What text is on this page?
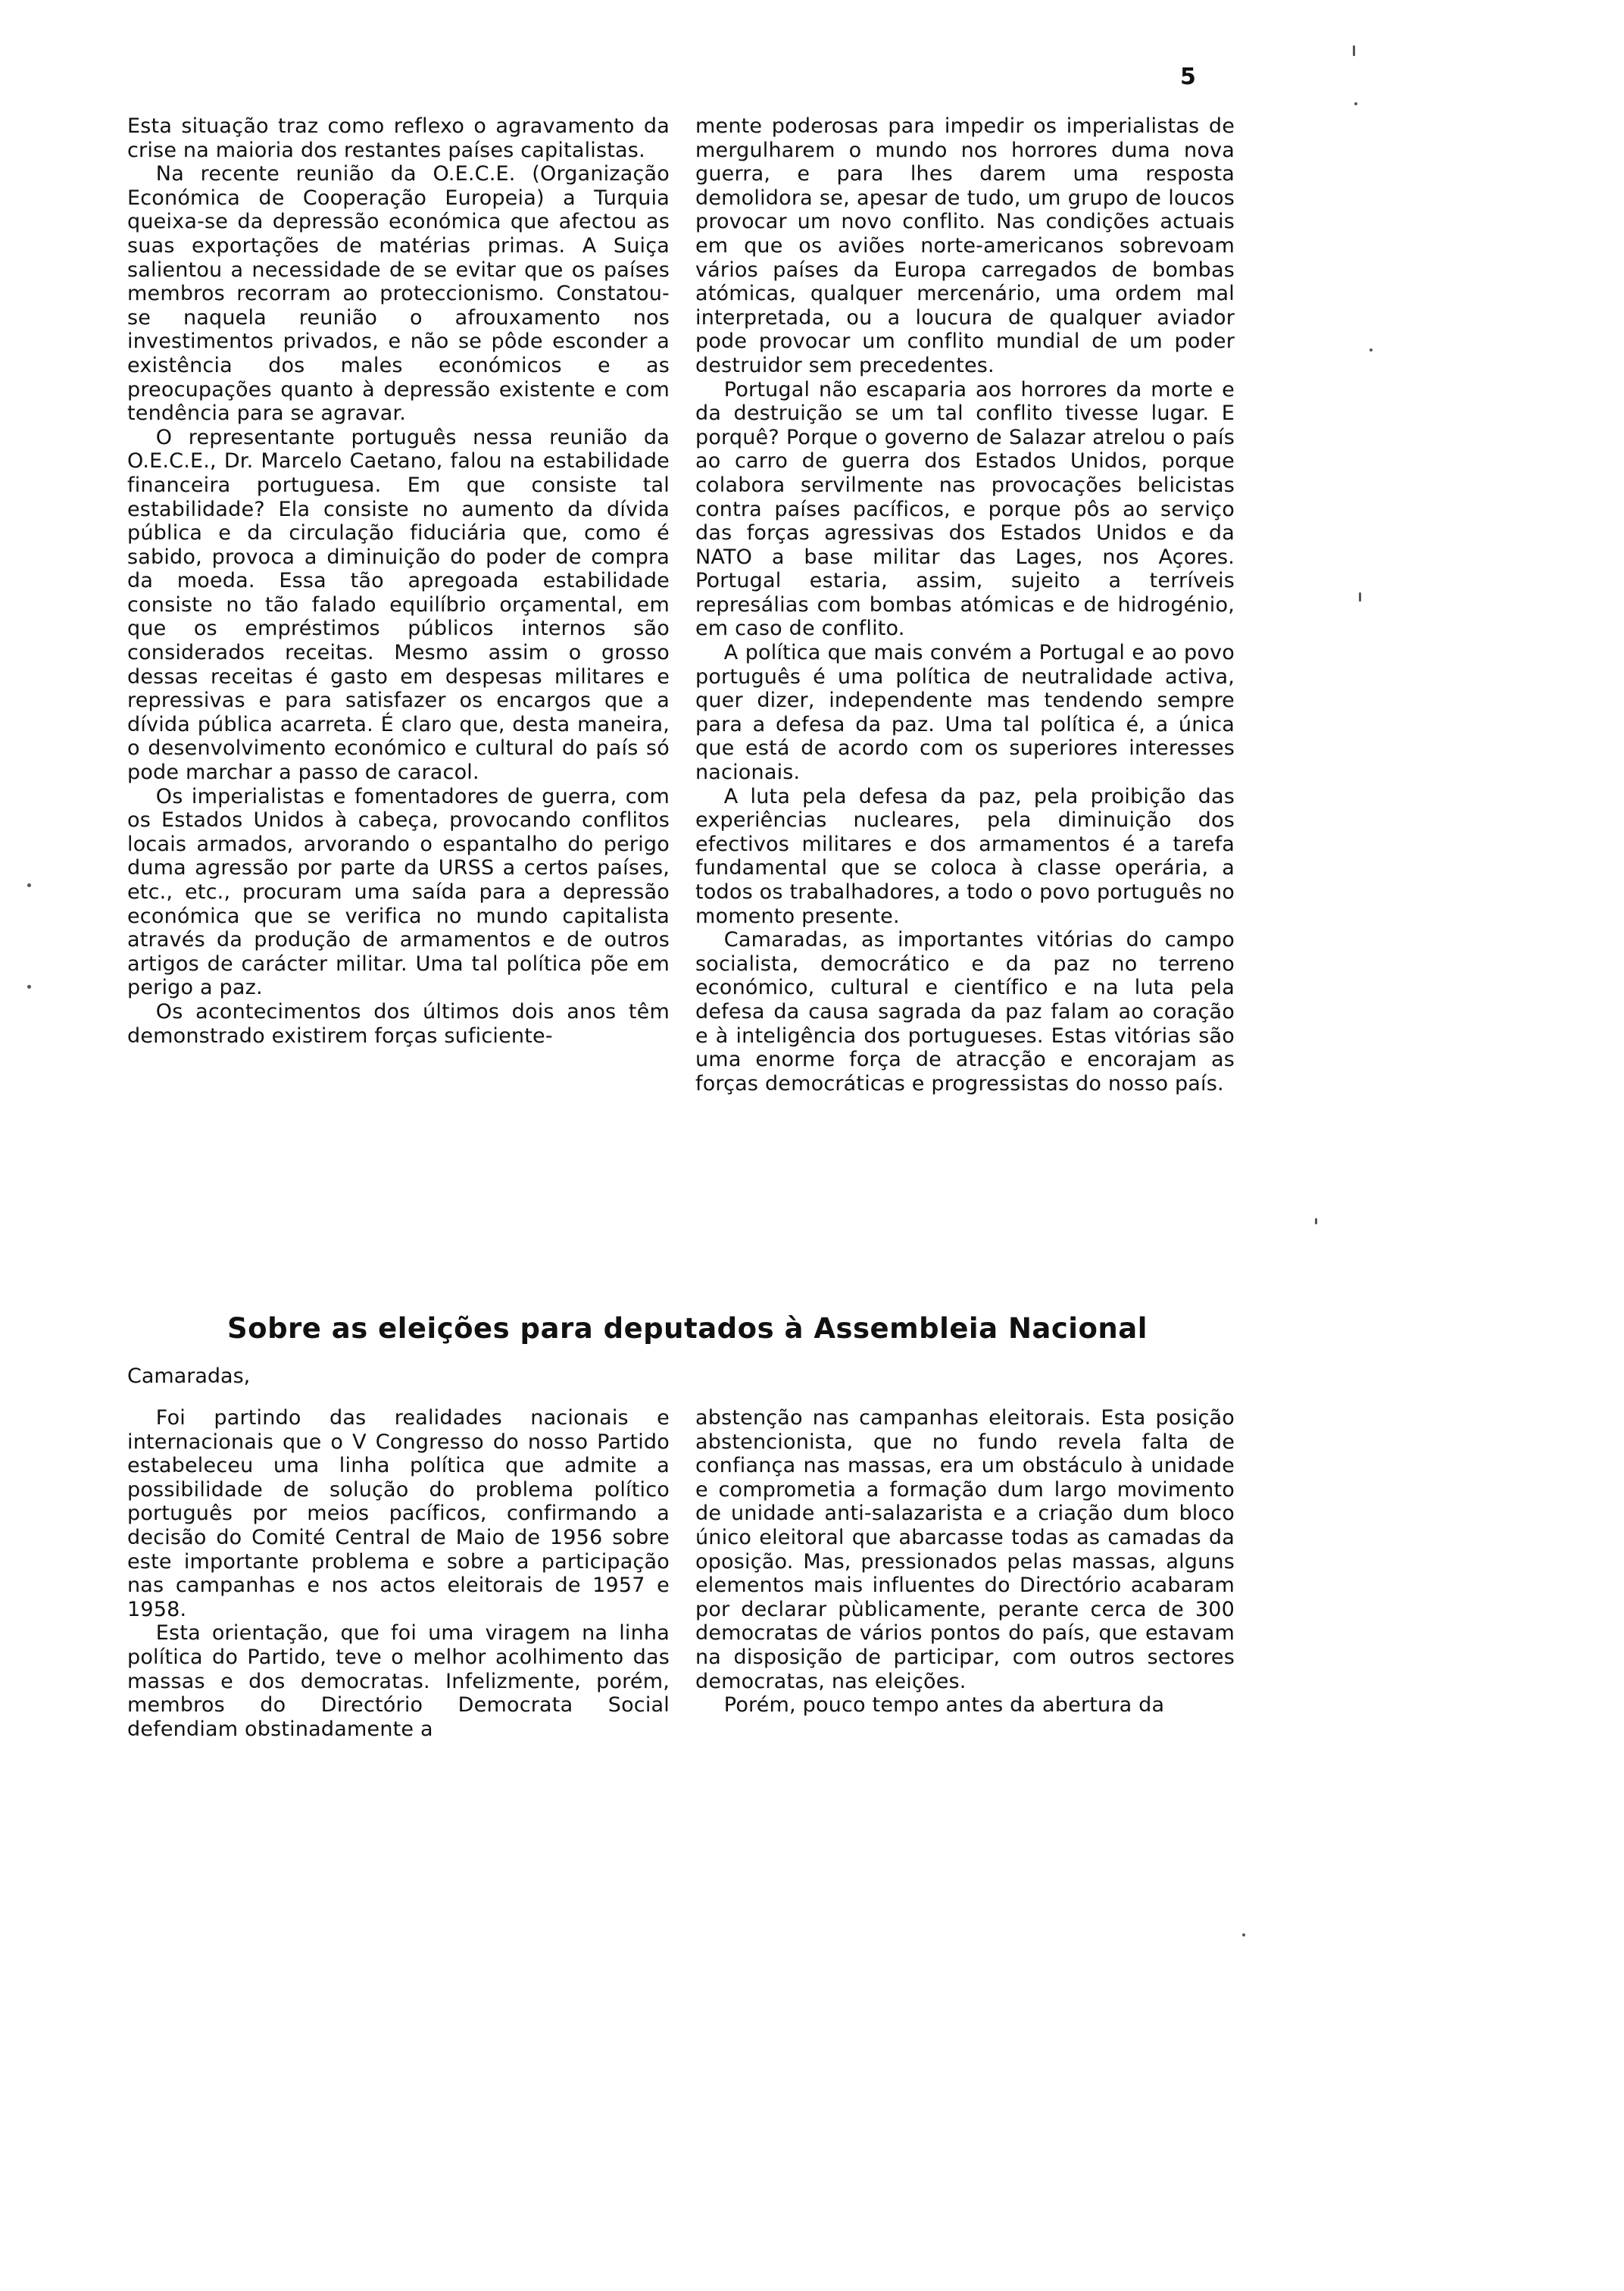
5

Esta situação traz como reflexo o agravamento da crise na maioria dos restantes países capitalistas.

Na recente reunião da O.E.C.E. (Organização Económica de Cooperação Europeia) a Turquia queixa-se da depressão económica que afectou as suas exportações de matérias primas. A Suiça salientou a necessidade de se evitar que os países membros recorram ao proteccionismo. Constatou-se naquela reunião o afrouxamento nos investimentos privados, e não se pôde esconder a existência dos males económicos e as preocupações quanto à depressão existente e com tendência para se agravar.

O representante português nessa reunião da O.E.C.E., Dr. Marcelo Caetano, falou na estabilidade financeira portuguesa. Em que consiste tal estabilidade? Ela consiste no aumento da dívida pública e da circulação fiduciária que, como é sabido, provoca a diminuição do poder de compra da moeda. Essa tão apregoada estabilidade consiste no tão falado equilíbrio orçamental, em que os empréstimos públicos internos são considerados receitas. Mesmo assim o grosso dessas receitas é gasto em despesas militares e repressivas e para satisfazer os encargos que a dívida pública acarreta. É claro que, desta maneira, o desenvolvimento económico e cultural do país só pode marchar a passo de caracol.

Os imperialistas e fomentadores de guerra, com os Estados Unidos à cabeça, provocando conflitos locais armados, arvorando o espantalho do perigo duma agressão por parte da URSS a certos países, etc., etc., procuram uma saída para a depressão económica que se verifica no mundo capitalista através da produção de armamentos e de outros artigos de carácter militar. Uma tal política põe em perigo a paz.

Os acontecimentos dos últimos dois anos têm demonstrado existirem forças suficiente-

mente poderosas para impedir os imperialistas de mergulharem o mundo nos horrores duma nova guerra, e para lhes darem uma resposta demolidora se, apesar de tudo, um grupo de loucos provocar um novo conflito. Nas condições actuais em que os aviões norte-americanos sobrevoam vários países da Europa carregados de bombas atómicas, qualquer mercenário, uma ordem mal interpretada, ou a loucura de qualquer aviador pode provocar um conflito mundial de um poder destruidor sem precedentes.

Portugal não escaparia aos horrores da morte e da destruição se um tal conflito tivesse lugar. E porquê? Porque o governo de Salazar atrelou o país ao carro de guerra dos Estados Unidos, porque colabora servilmente nas provocações belicistas contra países pacíficos, e porque pôs ao serviço das forças agressivas dos Estados Unidos e da NATO a base militar das Lages, nos Açores. Portugal estaria, assim, sujeito a terríveis represálias com bombas atómicas e de hidrogénio, em caso de conflito.

A política que mais convém a Portugal e ao povo português é uma política de neutralidade activa, quer dizer, independente mas tendendo sempre para a defesa da paz. Uma tal política é, a única que está de acordo com os superiores interesses nacionais.

A luta pela defesa da paz, pela proibição das experiências nucleares, pela diminuição dos efectivos militares e dos armamentos é a tarefa fundamental que se coloca à classe operária, a todos os trabalhadores, a todo o povo português no momento presente.

Camaradas, as importantes vitórias do campo socialista, democrático e da paz no terreno económico, cultural e científico e na luta pela defesa da causa sagrada da paz falam ao coração e à inteligência dos portugueses. Estas vitórias são uma enorme força de atracção e encorajam as forças democráticas e progressistas do nosso país.

Sobre as eleições para deputados à Assembleia Nacional
Camaradas,

Foi partindo das realidades nacionais e internacionais que o V Congresso do nosso Partido estabeleceu uma linha política que admite a possibilidade de solução do problema político português por meios pacíficos, confirmando a decisão do Comité Central de Maio de 1956 sobre este importante problema e sobre a participação nas campanhas e nos actos eleitorais de 1957 e 1958.

Esta orientação, que foi uma viragem na linha política do Partido, teve o melhor acolhimento das massas e dos democratas. Infelizmente, porém, membros do Directório Democrata Social defendiam obstinadamente a

abstenção nas campanhas eleitorais. Esta posição abstencionista, que no fundo revela falta de confiança nas massas, era um obstáculo à unidade e comprometia a formação dum largo movimento de unidade anti-salazarista e a criação dum bloco único eleitoral que abarcasse todas as camadas da oposição. Mas, pressionados pelas massas, alguns elementos mais influentes do Directório acabaram por declarar pùblicamente, perante cerca de 300 democratas de vários pontos do país, que estavam na disposição de participar, com outros sectores democratas, nas eleições.

Porém, pouco tempo antes da abertura da
